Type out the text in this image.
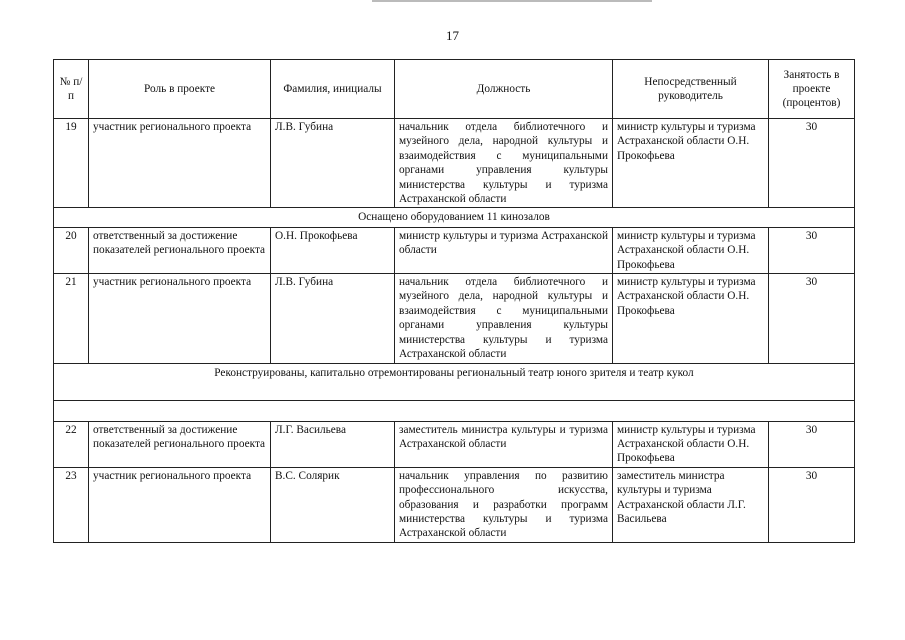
17
№ п/п	Роль в проекте	Фамилия, инициалы	Должность	Непосредственный руководитель	Занятость в проекте (процентов)
19	участник регионального проекта	Л.В. Губина	начальник отдела библиотечного и музейного дела, народной культуры и взаимодействия с муниципальными органами управления культуры министерства культуры и туризма Астраханской области	министр культуры и туризма Астраханской области О.Н. Прокофьева	30
Оснащено оборудованием 11 кинозалов					
20	ответственный за достижение показателей регионального проекта	О.Н. Прокофьева	министр культуры и туризма Астраханской области	министр культуры и туризма Астраханской области О.Н. Прокофьева	30
21	участник регионального проекта	Л.В. Губина	начальник отдела библиотечного и музейного дела, народной культуры и взаимодействия с муниципальными органами управления культуры министерства культуры и туризма Астраханской области	министр культуры и туризма Астраханской области О.Н. Прокофьева	30
Реконструированы, капитально отремонтированы региональный театр юного зрителя и театр кукол					

22	ответственный за достижение показателей регионального проекта	Л.Г. Васильева	заместитель министра культуры и туризма Астраханской области	министр культуры и туризма Астраханской области О.Н. Прокофьева	30
23	участник регионального проекта	В.С. Солярик	начальник управления по развитию профессионального искусства, образования и разработки программ министерства культуры и туризма Астраханской области	заместитель министра культуры и туризма Астраханской области Л.Г. Васильева	30
